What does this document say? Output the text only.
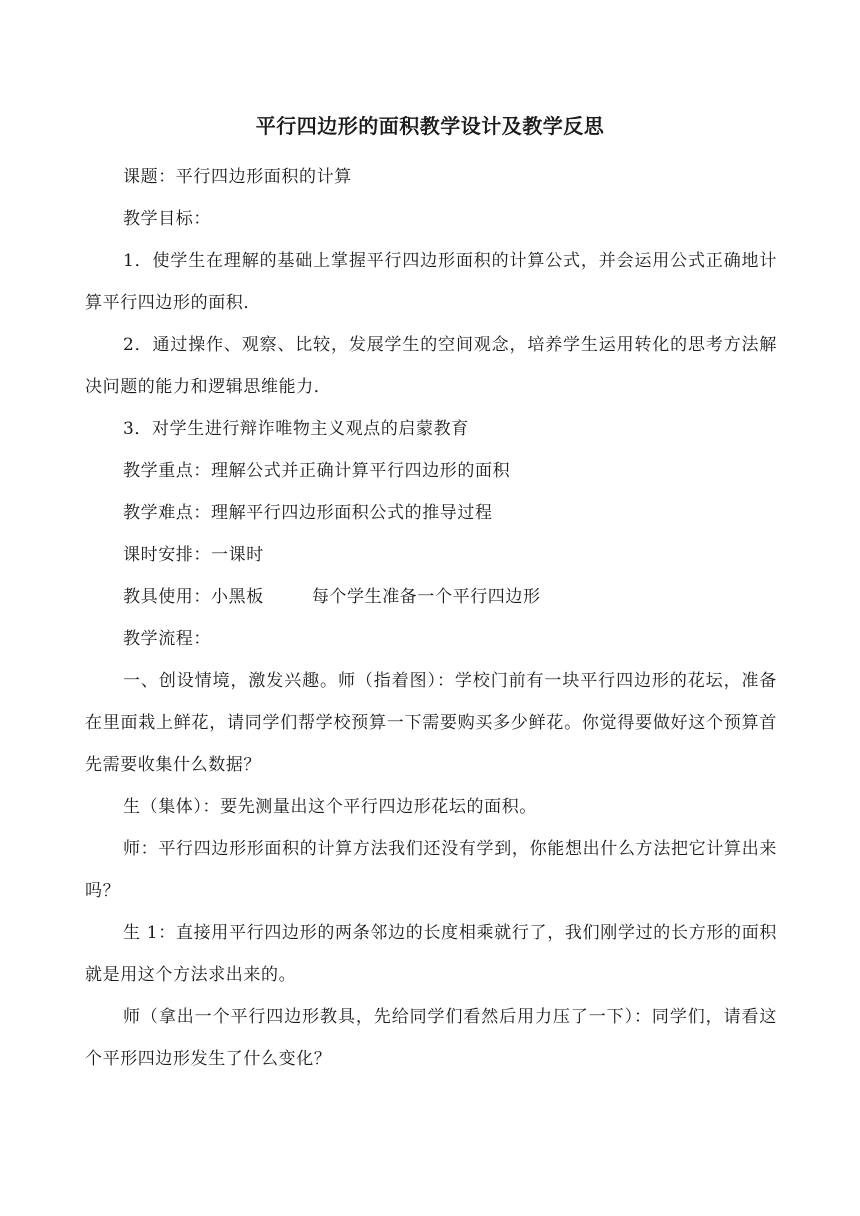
平行四边形的面积教学设计及教学反思

课题：平行四边形面积的计算

教学目标：

1．使学生在理解的基础上掌握平行四边形面积的计算公式，并会运用公式正确地计算平行四边形的面积．

2．通过操作、观察、比较，发展学生的空间观念，培养学生运用转化的思考方法解决问题的能力和逻辑思维能力．

3．对学生进行辩诈唯物主义观点的启蒙教育

教学重点：理解公式并正确计算平行四边形的面积

教学难点：理解平行四边形面积公式的推导过程

课时安排：一课时

教具使用：小黑板	每个学生准备一个平行四边形

教学流程：

一、创设情境，激发兴趣。师（指着图）：学校门前有一块平行四边形的花坛，准备在里面栽上鲜花，请同学们帮学校预算一下需要购买多少鲜花。你觉得要做好这个预算首先需要收集什么数据？

生（集体）：要先测量出这个平行四边形花坛的面积。

师：平行四边形形面积的计算方法我们还没有学到，你能想出什么方法把它计算出来吗？

生 1：直接用平行四边形的两条邻边的长度相乘就行了，我们刚学过的长方形的面积就是用这个方法求出来的。

师（拿出一个平行四边形教具，先给同学们看然后用力压了一下）：同学们，请看这个平形四边形发生了什么变化？
